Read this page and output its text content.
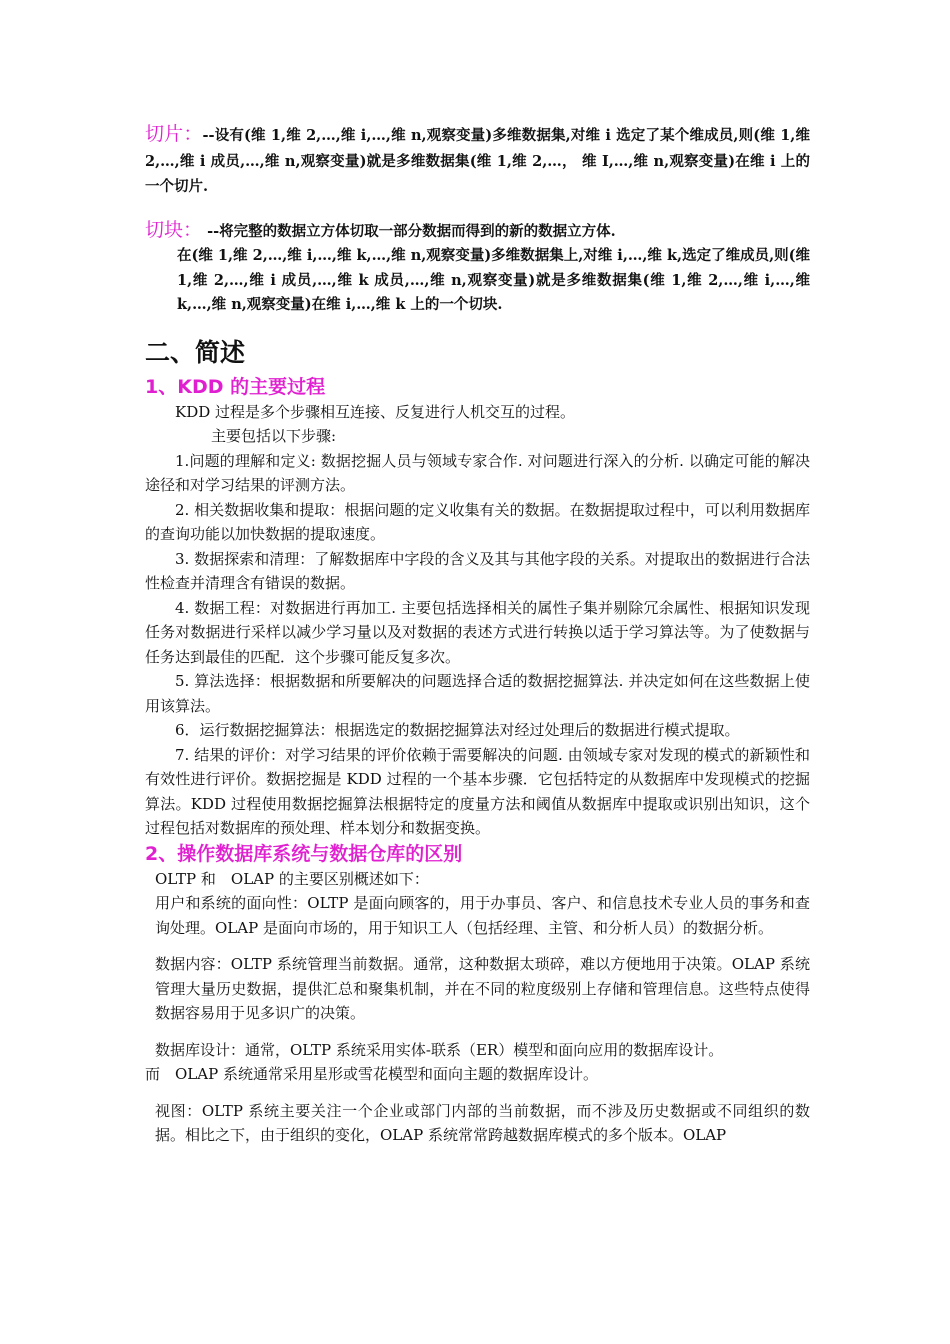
切片：--设有(维 1,维 2,…,维 i,…,维 n,观察变量)多维数据集,对维 i 选定了某个维成员,则(维 1,维 2,…,维 i 成员,…,维 n,观察变量)就是多维数据集(维 1,维 2,…， 维 I,…,维 n,观察变量)在维 i 上的一个切片.

切块： --将完整的数据立方体切取一部分数据而得到的新的数据立方体.

在(维 1,维 2,…,维 i,…,维 k,…,维 n,观察变量)多维数据集上,对维 i,…,维 k,选定了维成员,则(维 1,维 2,…,维 i 成员,…,维 k 成员,…,维 n,观察变量)就是多维数据集(维 1,维 2,…,维 i,…,维 k,…,维 n,观察变量)在维 i,…,维 k 上的一个切块.

二、简述
1、KDD 的主要过程

KDD 过程是多个步骤相互连接、反复进行人机交互的过程。

主要包括以下步骤:

1.问题的理解和定义: 数据挖掘人员与领域专家合作. 对问题进行深入的分析. 以确定可能的解决途径和对学习结果的评测方法。

2. 相关数据收集和提取：根据问题的定义收集有关的数据。在数据提取过程中，可以利用数据库的查询功能以加快数据的提取速度。

3. 数据探索和清理：了解数据库中字段的含义及其与其他字段的关系。对提取出的数据进行合法性检查并清理含有错误的数据。

4. 数据工程：对数据进行再加工. 主要包括选择相关的属性子集并剔除冗余属性、根据知识发现任务对数据进行采样以减少学习量以及对数据的表述方式进行转换以适于学习算法等。为了使数据与任务达到最佳的匹配．这个步骤可能反复多次。

5. 算法选择：根据数据和所要解决的问题选择合适的数据挖掘算法. 并决定如何在这些数据上使用该算法。

6．运行数据挖掘算法：根据选定的数据挖掘算法对经过处理后的数据进行模式提取。

7. 结果的评价：对学习结果的评价依赖于需要解决的问题. 由领域专家对发现的模式的新颖性和有效性进行评价。数据挖掘是 KDD 过程的一个基本步骤．它包括特定的从数据库中发现模式的挖掘算法。KDD 过程使用数据挖掘算法根据特定的度量方法和阈值从数据库中提取或识别出知识，这个过程包括对数据库的预处理、样本划分和数据变换。

2、操作数据库系统与数据仓库的区别

OLTP 和　OLAP 的主要区别概述如下：

用户和系统的面向性：OLTP 是面向顾客的，用于办事员、客户、和信息技术专业人员的事务和查询处理。OLAP 是面向市场的，用于知识工人（包括经理、主管、和分析人员）的数据分析。

数据内容：OLTP 系统管理当前数据。通常，这种数据太琐碎，难以方便地用于决策。OLAP 系统管理大量历史数据，提供汇总和聚集机制，并在不同的粒度级别上存储和管理信息。这些特点使得数据容易用于见多识广的决策。

数据库设计：通常，OLTP 系统采用实体-联系（ER）模型和面向应用的数据库设计。

而　OLAP 系统通常采用星形或雪花模型和面向主题的数据库设计。

视图：OLTP 系统主要关注一个企业或部门内部的当前数据，而不涉及历史数据或不同组织的数据。相比之下，由于组织的变化，OLAP 系统常常跨越数据库模式的多个版本。OLAP
